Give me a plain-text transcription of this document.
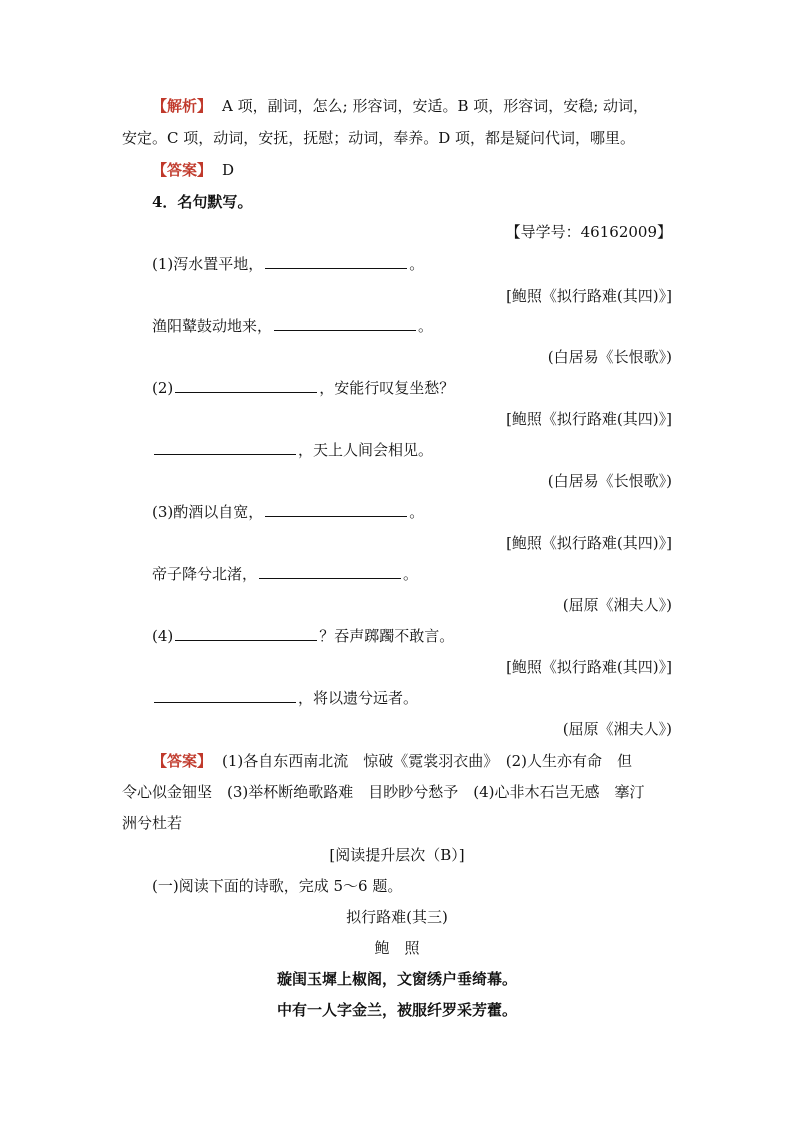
【解析】 A 项，副词，怎么; 形容词，安适。B 项，形容词，安稳; 动词，
安定。C 项，动词，安抚，抚慰；动词，奉养。D 项，都是疑问代词，哪里。
【答案】 D
4．名句默写。
【导学号：46162009】
(1)泻水置平地，	。
[鲍照《拟行路难(其四)》]
渔阳鼙鼓动地来，	。
(白居易《长恨歌》)
(2)	，安能行叹复坐愁？
[鲍照《拟行路难(其四)》]
，天上人间会相见。
(白居易《长恨歌》)
(3)酌酒以自宽，	。
[鲍照《拟行路难(其四)》]
帝子降兮北渚，	。
(屈原《湘夫人》)
(4)	？吞声踯躅不敢言。
[鲍照《拟行路难(其四)》]
，将以遗兮远者。
(屈原《湘夫人》)
【答案】 (1)各自东西南北流　惊破《霓裳羽衣曲》　(2)人生亦有命　但
令心似金钿坚　(3)举杯断绝歌路难　目眇眇兮愁予　(4)心非木石岂无感　搴汀
洲兮杜若
[阅读提升层次（B）]
(一)阅读下面的诗歌，完成 5～6 题。
拟行路难(其三)
鲍　照
璇闺玉墀上椒阁，文窗绣户垂绮幕。
中有一人字金兰，被服纤罗采芳藿。
